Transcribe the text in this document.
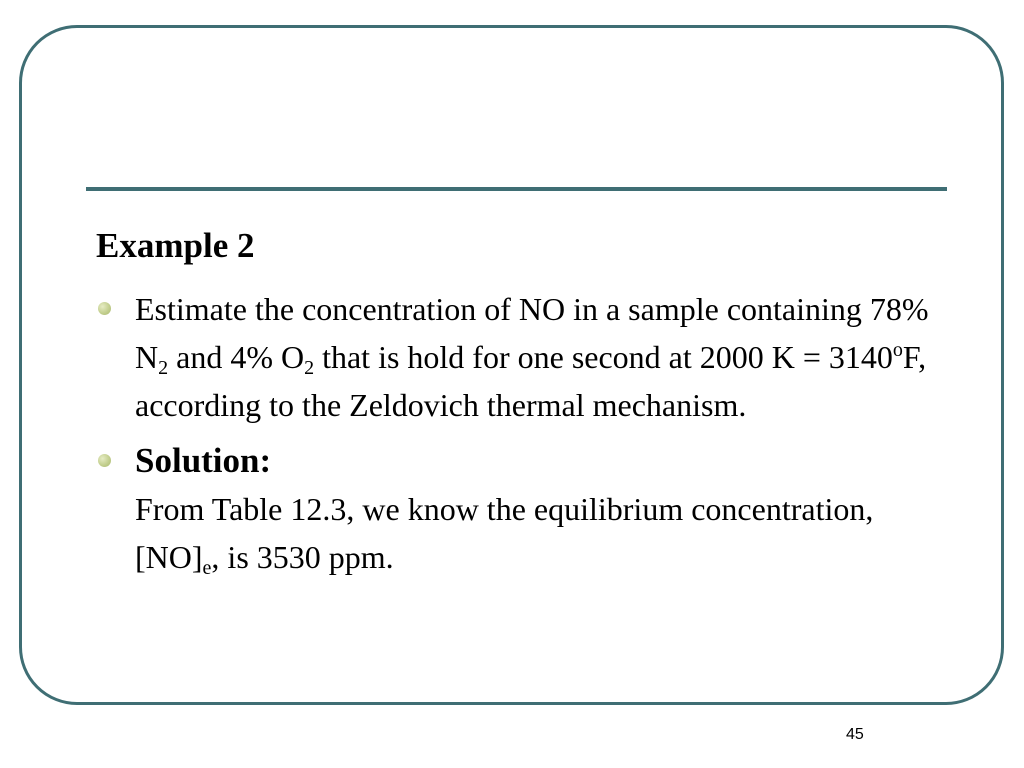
Example 2
Estimate the concentration of NO in a sample containing 78% $N_2$ and 4% $O_2$ that is hold for one second at 2000 $K = 3140^oF$, according to the Zeldovich thermal mechanism.
Solution:
From Table 12.3, we know the equilibrium concentration, $[NO]_e$, is 3530 ppm.
45
